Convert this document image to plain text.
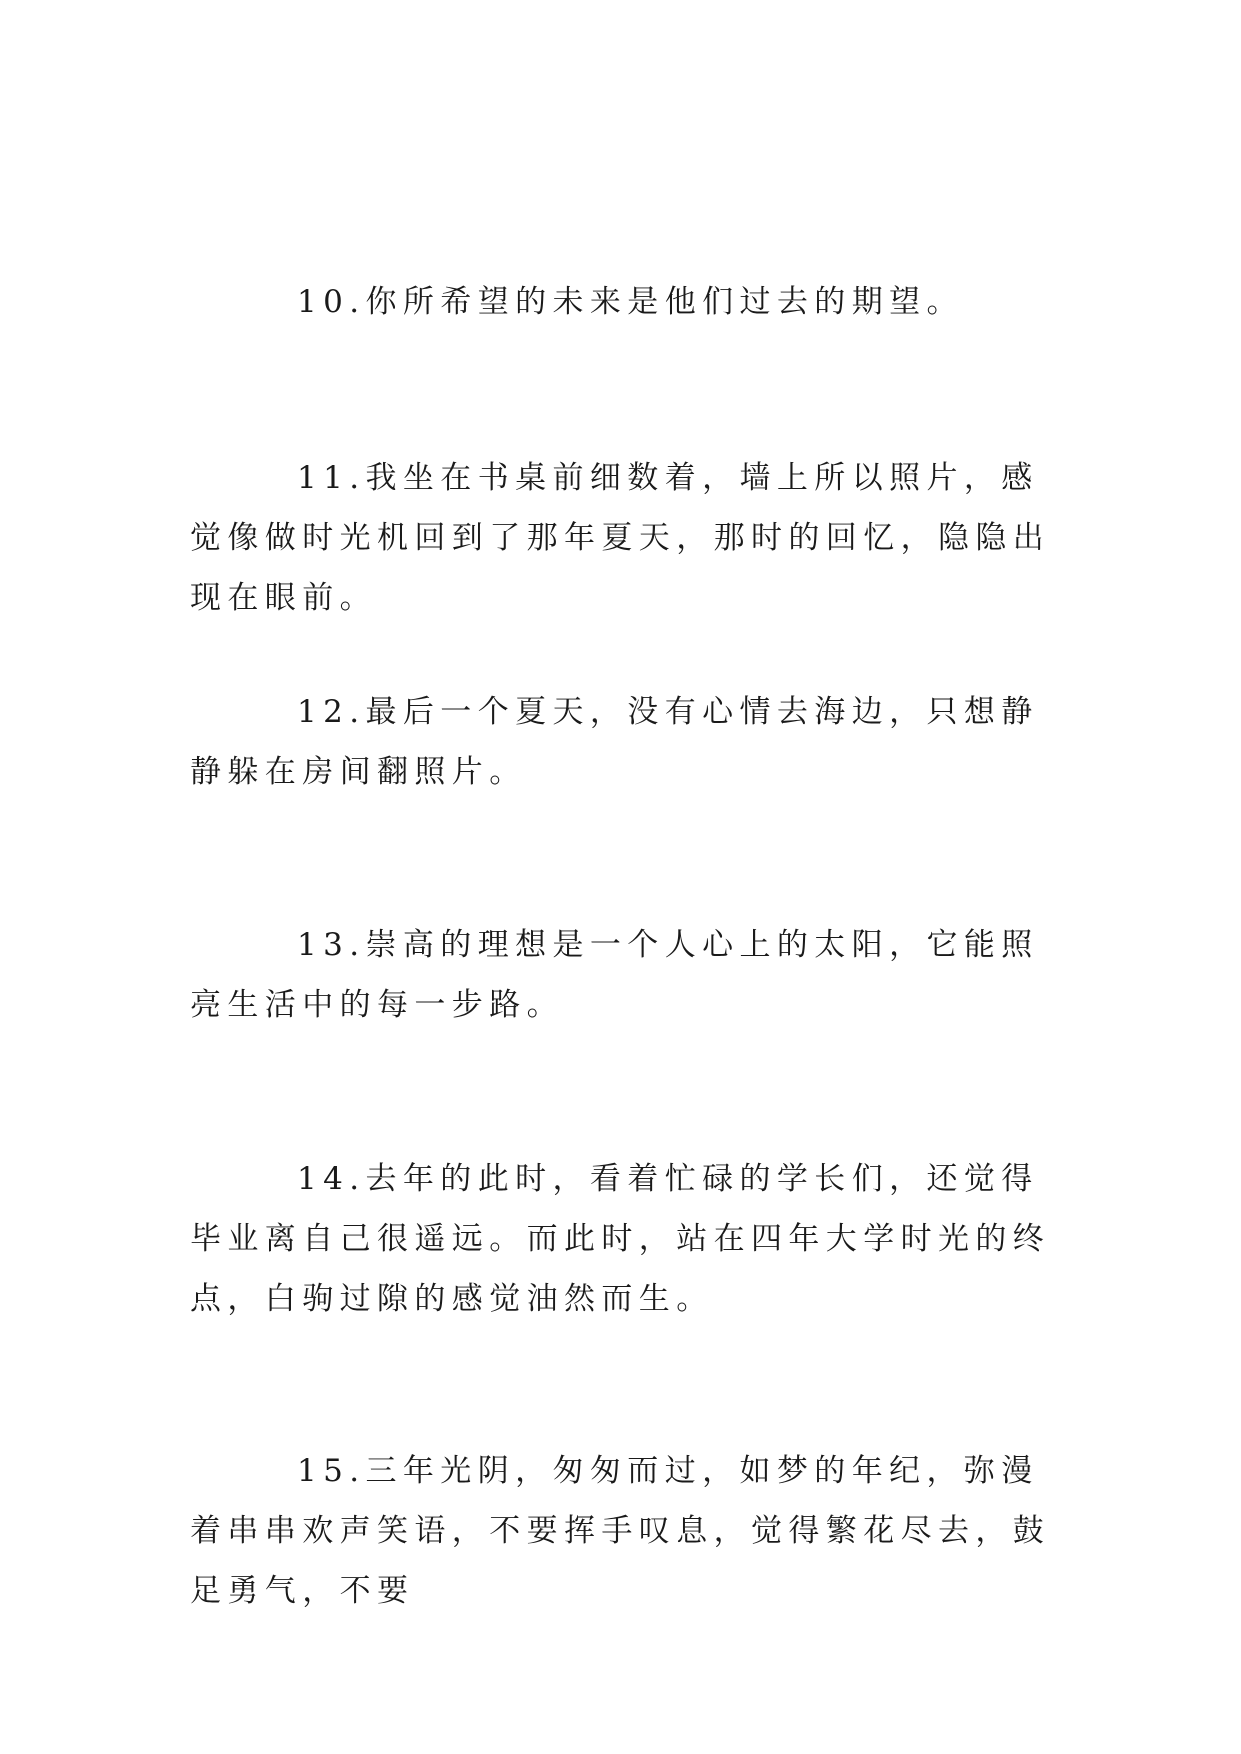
10.你所希望的未来是他们过去的期望。

11.我坐在书桌前细数着，墙上所以照片，感觉像做时光机回到了那年夏天，那时的回忆，隐隐出现在眼前。

12.最后一个夏天，没有心情去海边，只想静静躲在房间翻照片。

13.崇高的理想是一个人心上的太阳，它能照亮生活中的每一步路。

14.去年的此时，看着忙碌的学长们，还觉得毕业离自己很遥远。而此时，站在四年大学时光的终点，白驹过隙的感觉油然而生。

15.三年光阴，匆匆而过，如梦的年纪，弥漫着串串欢声笑语，不要挥手叹息，觉得繁花尽去，鼓足勇气，不要
